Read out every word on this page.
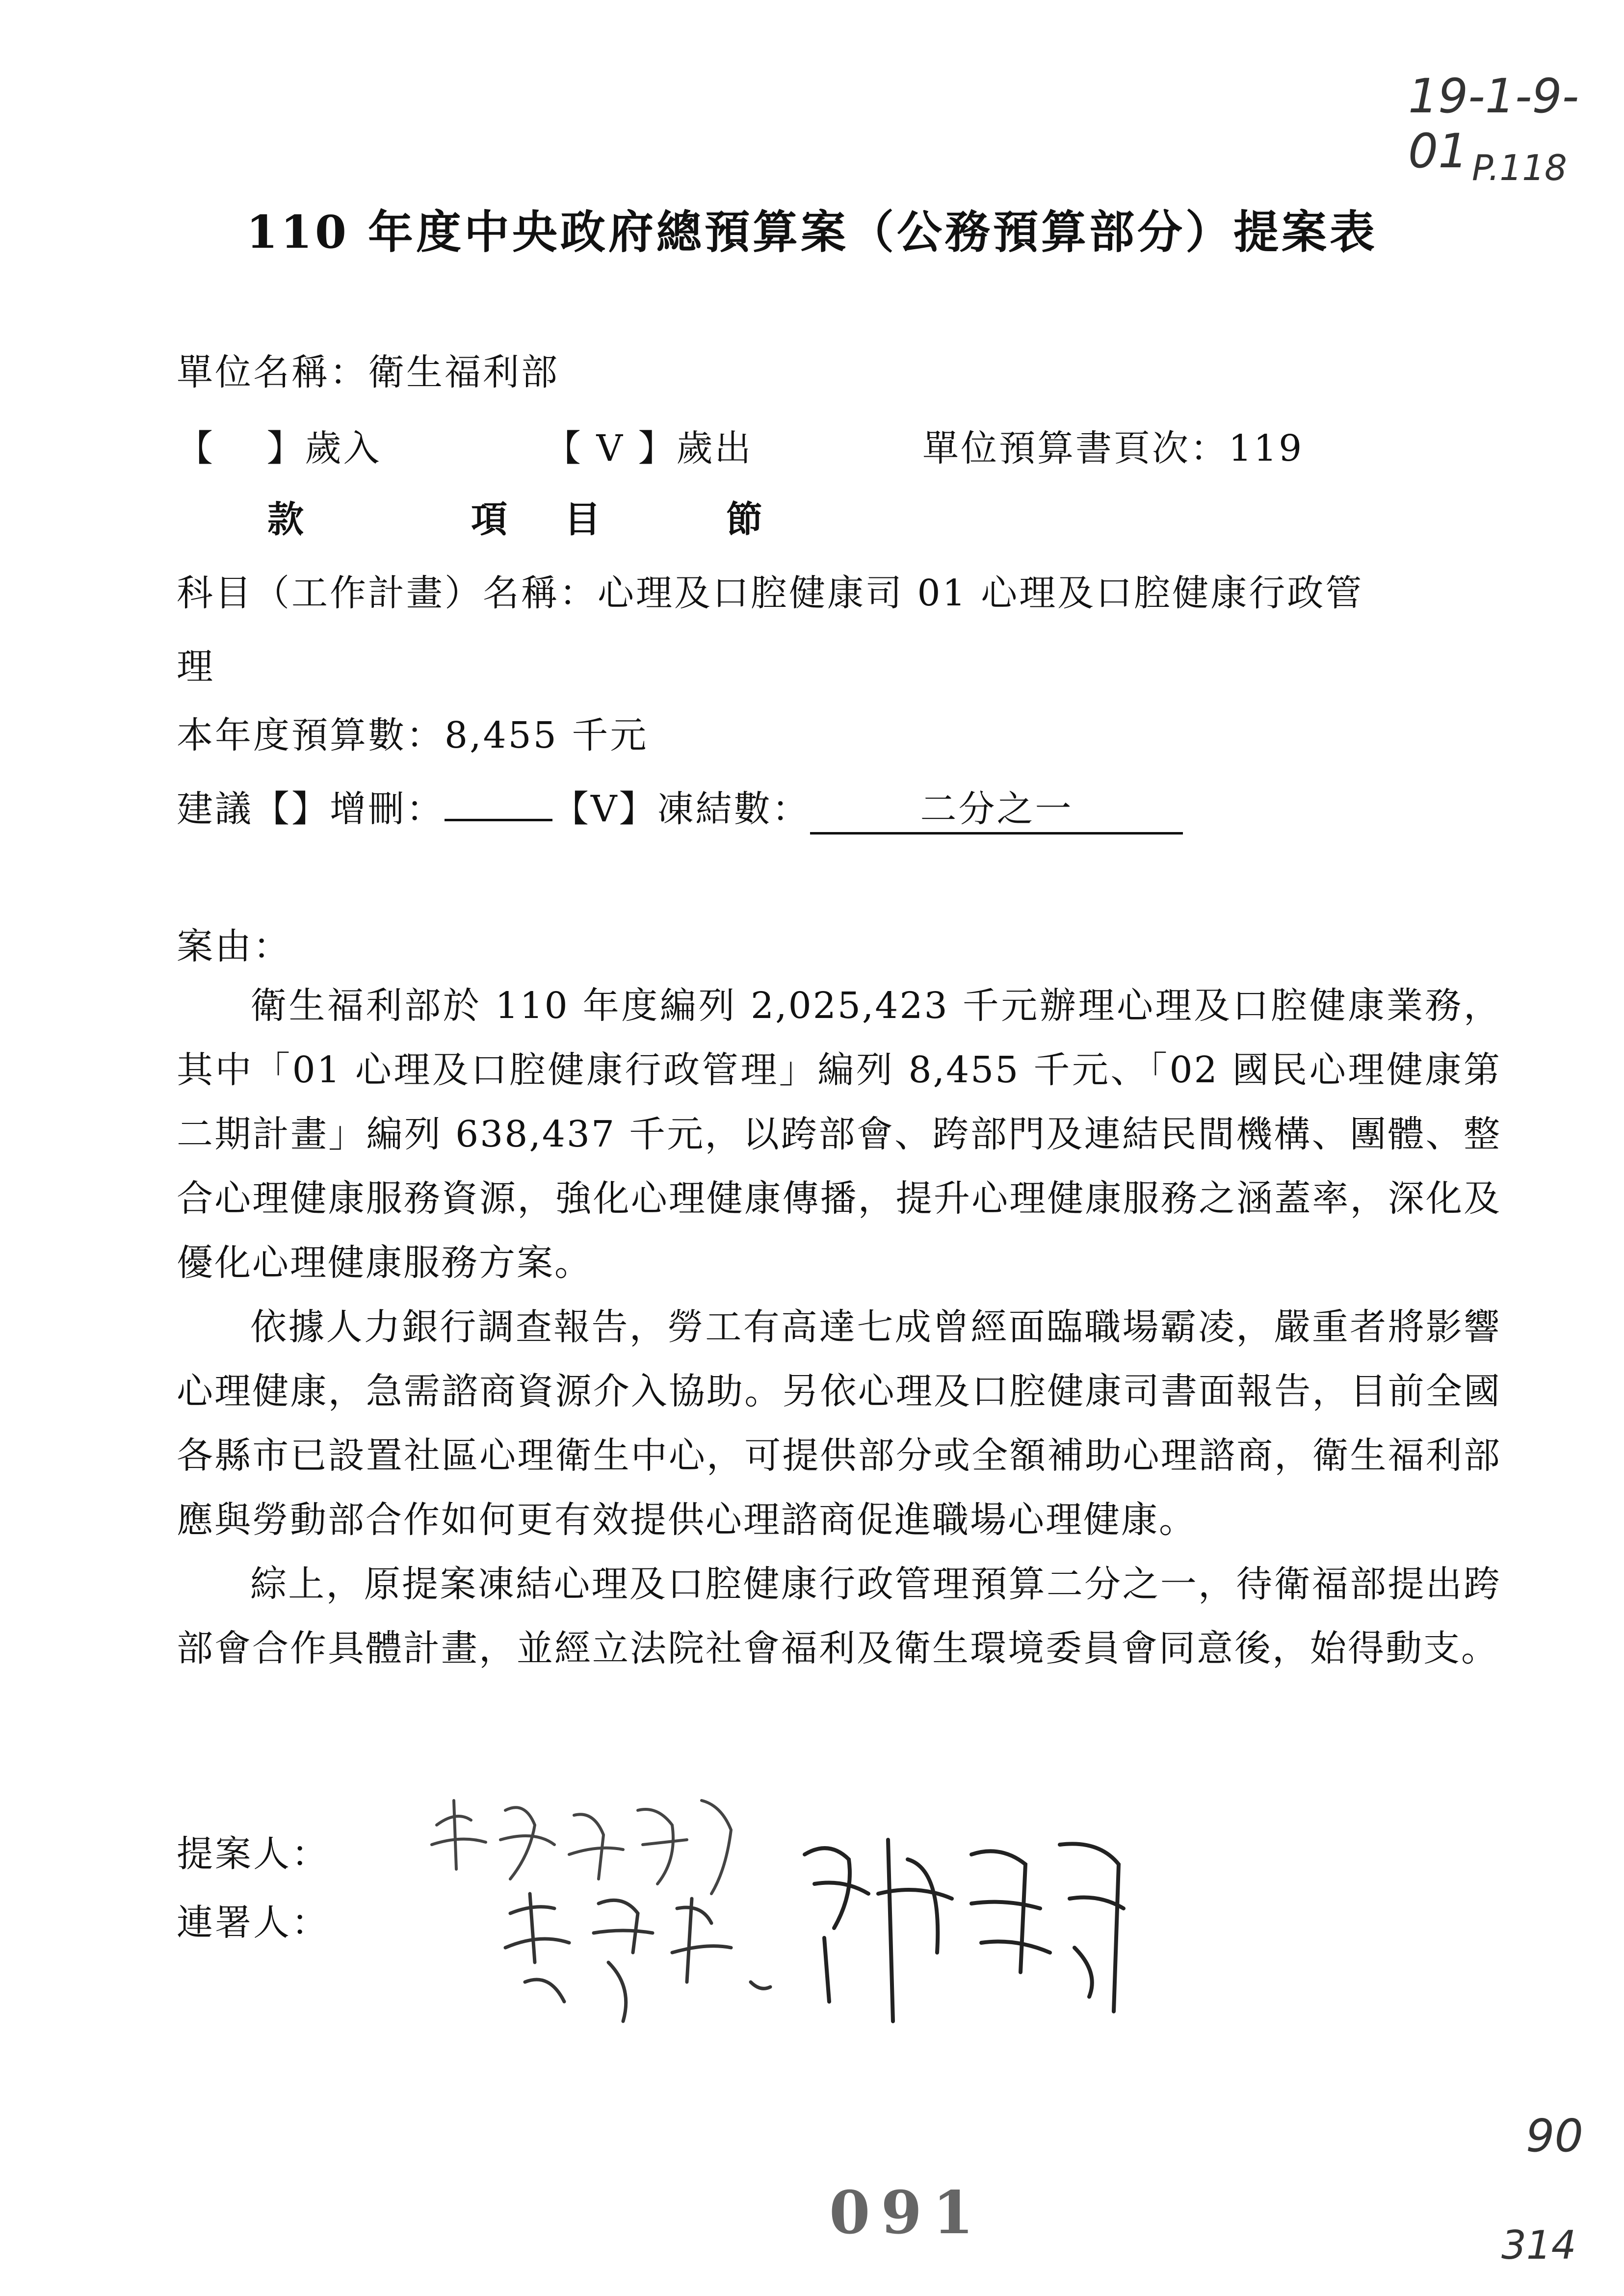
19-1-9-01 P.118
110 年度中央政府總預算案（公務預算部分）提案表
單位名稱：衛生福利部
【　 】歲入	【 V 】歲出	單位預算書頁次：119
款	項 目	節
科目（工作計畫）名稱：心理及口腔健康司 01 心理及口腔健康行政管
理
本年度預算數：8,455 千元
建議【】增刪：	【V】凍結數：	二分之一
案由：

衛生福利部於 110 年度編列 2,025,423 千元辦理心理及口腔健康業務，其中「01 心理及口腔健康行政管理」編列 8,455 千元、「02 國民心理健康第二期計畫」編列 638,437 千元，以跨部會、跨部門及連結民間機構、團體、整合心理健康服務資源，強化心理健康傳播，提升心理健康服務之涵蓋率，深化及優化心理健康服務方案。

依據人力銀行調查報告，勞工有高達七成曾經面臨職場霸凌，嚴重者將影響心理健康，急需諮商資源介入協助。另依心理及口腔健康司書面報告，目前全國各縣市已設置社區心理衛生中心，可提供部分或全額補助心理諮商，衛生福利部應與勞動部合作如何更有效提供心理諮商促進職場心理健康。

綜上，原提案凍結心理及口腔健康行政管理預算二分之一，待衛福部提出跨部會合作具體計畫，並經立法院社會福利及衛生環境委員會同意後，始得動支。

提案人：
連署人：
091
90
314
